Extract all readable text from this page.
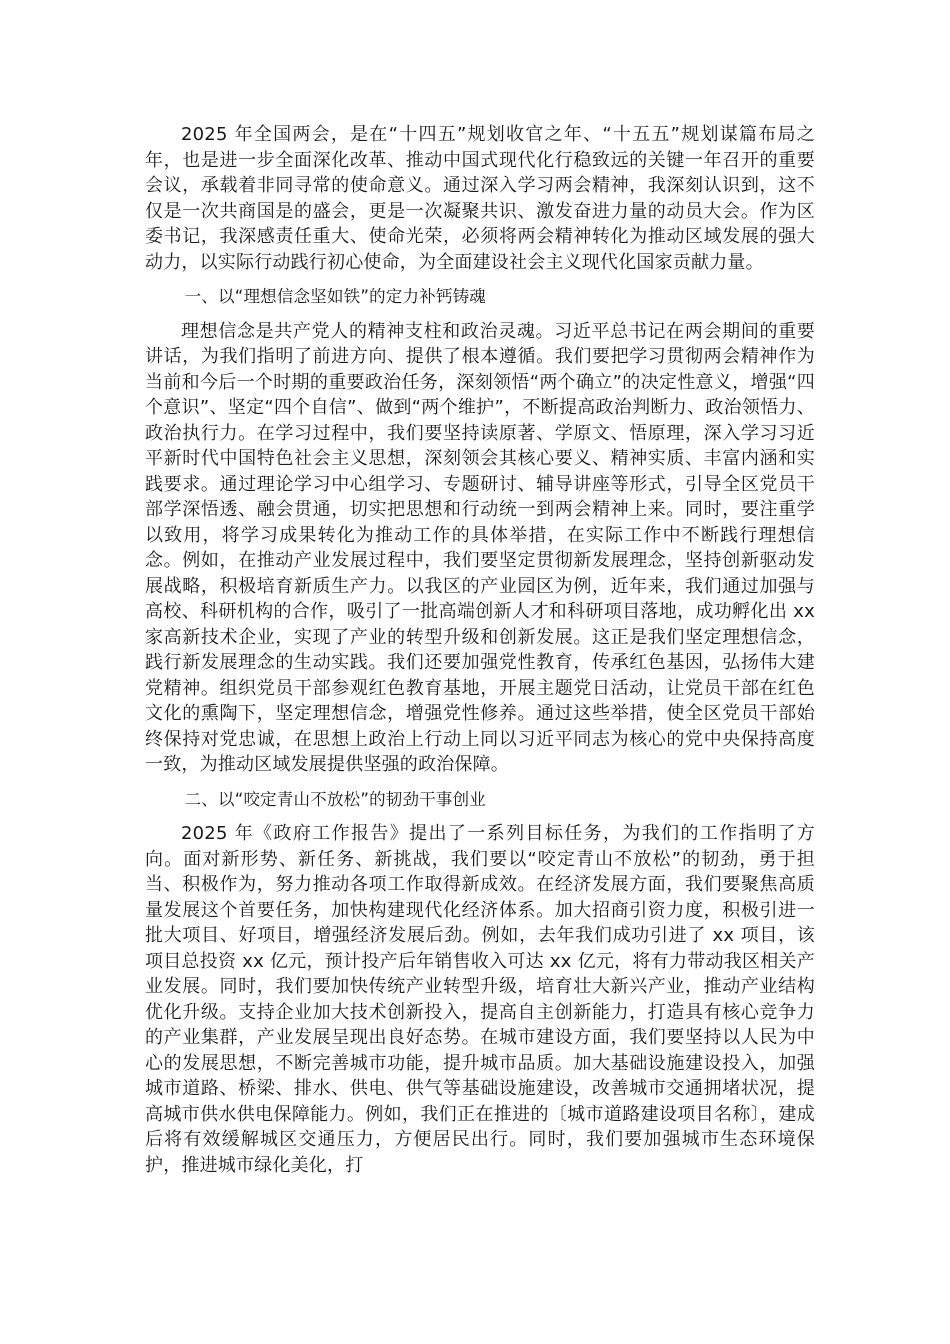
2025 年全国两会，是在“十四五”规划收官之年、“十五五”规划谋篇布局之年，也是进一步全面深化改革、推动中国式现代化行稳致远的关键一年召开的重要会议，承载着非同寻常的使命意义。通过深入学习两会精神，我深刻认识到，这不仅是一次共商国是的盛会，更是一次凝聚共识、激发奋进力量的动员大会。作为区委书记，我深感责任重大、使命光荣，必须将两会精神转化为推动区域发展的强大动力，以实际行动践行初心使命，为全面建设社会主义现代化国家贡献力量。

一、以“理想信念坚如铁”的定力补钙铸魂

理想信念是共产党人的精神支柱和政治灵魂。习近平总书记在两会期间的重要讲话，为我们指明了前进方向、提供了根本遵循。我们要把学习贯彻两会精神作为当前和今后一个时期的重要政治任务，深刻领悟“两个确立”的决定性意义，增强“四个意识”、坚定“四个自信”、做到“两个维护”，不断提高政治判断力、政治领悟力、政治执行力。在学习过程中，我们要坚持读原著、学原文、悟原理，深入学习习近平新时代中国特色社会主义思想，深刻领会其核心要义、精神实质、丰富内涵和实践要求。通过理论学习中心组学习、专题研讨、辅导讲座等形式，引导全区党员干部学深悟透、融会贯通，切实把思想和行动统一到两会精神上来。同时，要注重学以致用，将学习成果转化为推动工作的具体举措，在实际工作中不断践行理想信念。例如，在推动产业发展过程中，我们要坚定贯彻新发展理念，坚持创新驱动发展战略，积极培育新质生产力。以我区的产业园区为例，近年来，我们通过加强与高校、科研机构的合作，吸引了一批高端创新人才和科研项目落地，成功孵化出 xx 家高新技术企业，实现了产业的转型升级和创新发展。这正是我们坚定理想信念，践行新发展理念的生动实践。我们还要加强党性教育，传承红色基因，弘扬伟大建党精神。组织党员干部参观红色教育基地，开展主题党日活动，让党员干部在红色文化的熏陶下，坚定理想信念，增强党性修养。通过这些举措，使全区党员干部始终保持对党忠诚，在思想上政治上行动上同以习近平同志为核心的党中央保持高度一致，为推动区域发展提供坚强的政治保障。

二、以“咬定青山不放松”的韧劲干事创业

2025 年《政府工作报告》提出了一系列目标任务，为我们的工作指明了方向。面对新形势、新任务、新挑战，我们要以“咬定青山不放松”的韧劲，勇于担当、积极作为，努力推动各项工作取得新成效。在经济发展方面，我们要聚焦高质量发展这个首要任务，加快构建现代化经济体系。加大招商引资力度，积极引进一批大项目、好项目，增强经济发展后劲。例如，去年我们成功引进了 xx 项目，该项目总投资 xx 亿元，预计投产后年销售收入可达 xx 亿元，将有力带动我区相关产业发展。同时，我们要加快传统产业转型升级，培育壮大新兴产业，推动产业结构优化升级。支持企业加大技术创新投入，提高自主创新能力，打造具有核心竞争力的产业集群，产业发展呈现出良好态势。在城市建设方面，我们要坚持以人民为中心的发展思想，不断完善城市功能，提升城市品质。加大基础设施建设投入，加强城市道路、桥梁、排水、供电、供气等基础设施建设，改善城市交通拥堵状况，提高城市供水供电保障能力。例如，我们正在推进的〔城市道路建设项目名称〕，建成后将有效缓解城区交通压力，方便居民出行。同时，我们要加强城市生态环境保护，推进城市绿化美化，打
